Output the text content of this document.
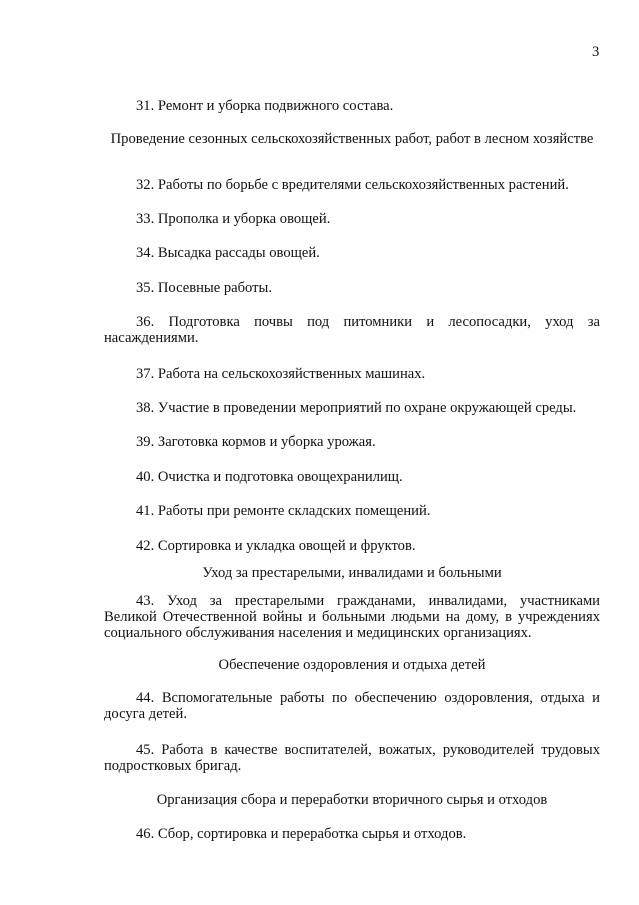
3

31. Ремонт и уборка подвижного состава.

Проведение сезонных сельскохозяйственных работ, работ в лесном хозяйстве

32. Работы по борьбе с вредителями сельскохозяйственных растений.

33. Прополка и уборка овощей.

34. Высадка рассады овощей.

35. Посевные работы.

36. Подготовка почвы под питомники и лесопосадки, уход за насаждениями.

37. Работа на сельскохозяйственных машинах.

38. Участие в проведении мероприятий по охране окружающей среды.

39. Заготовка кормов и уборка урожая.

40. Очистка и подготовка овощехранилищ.

41. Работы при ремонте складских помещений.

42. Сортировка и укладка овощей и фруктов.

Уход за престарелыми, инвалидами и больными

43. Уход за престарелыми гражданами, инвалидами, участниками Великой Отечественной войны и больными людьми на дому, в учреждениях социального обслуживания населения и медицинских организациях.

Обеспечение оздоровления и отдыха детей

44. Вспомогательные работы по обеспечению оздоровления, отдыха и досуга детей.

45. Работа в качестве воспитателей, вожатых, руководителей трудовых подростковых бригад.

Организация сбора и переработки вторичного сырья и отходов

46. Сбор, сортировка и переработка сырья и отходов.
